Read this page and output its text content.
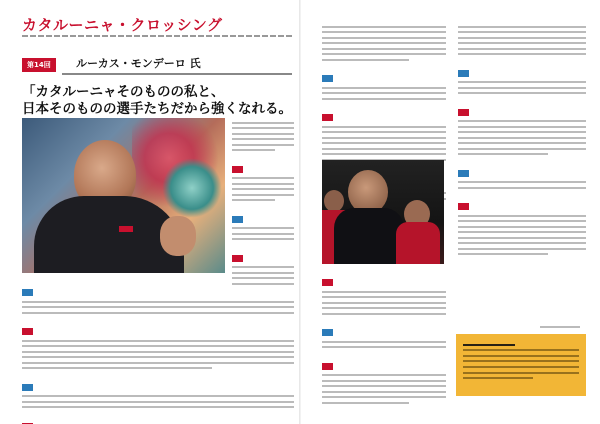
カタルーニャ・クロッシング
第14回	ルーカス・モンデーロ 氏
「カタルーニャそのものの私と、
日本そのものの選手たちだから強くなれる。
